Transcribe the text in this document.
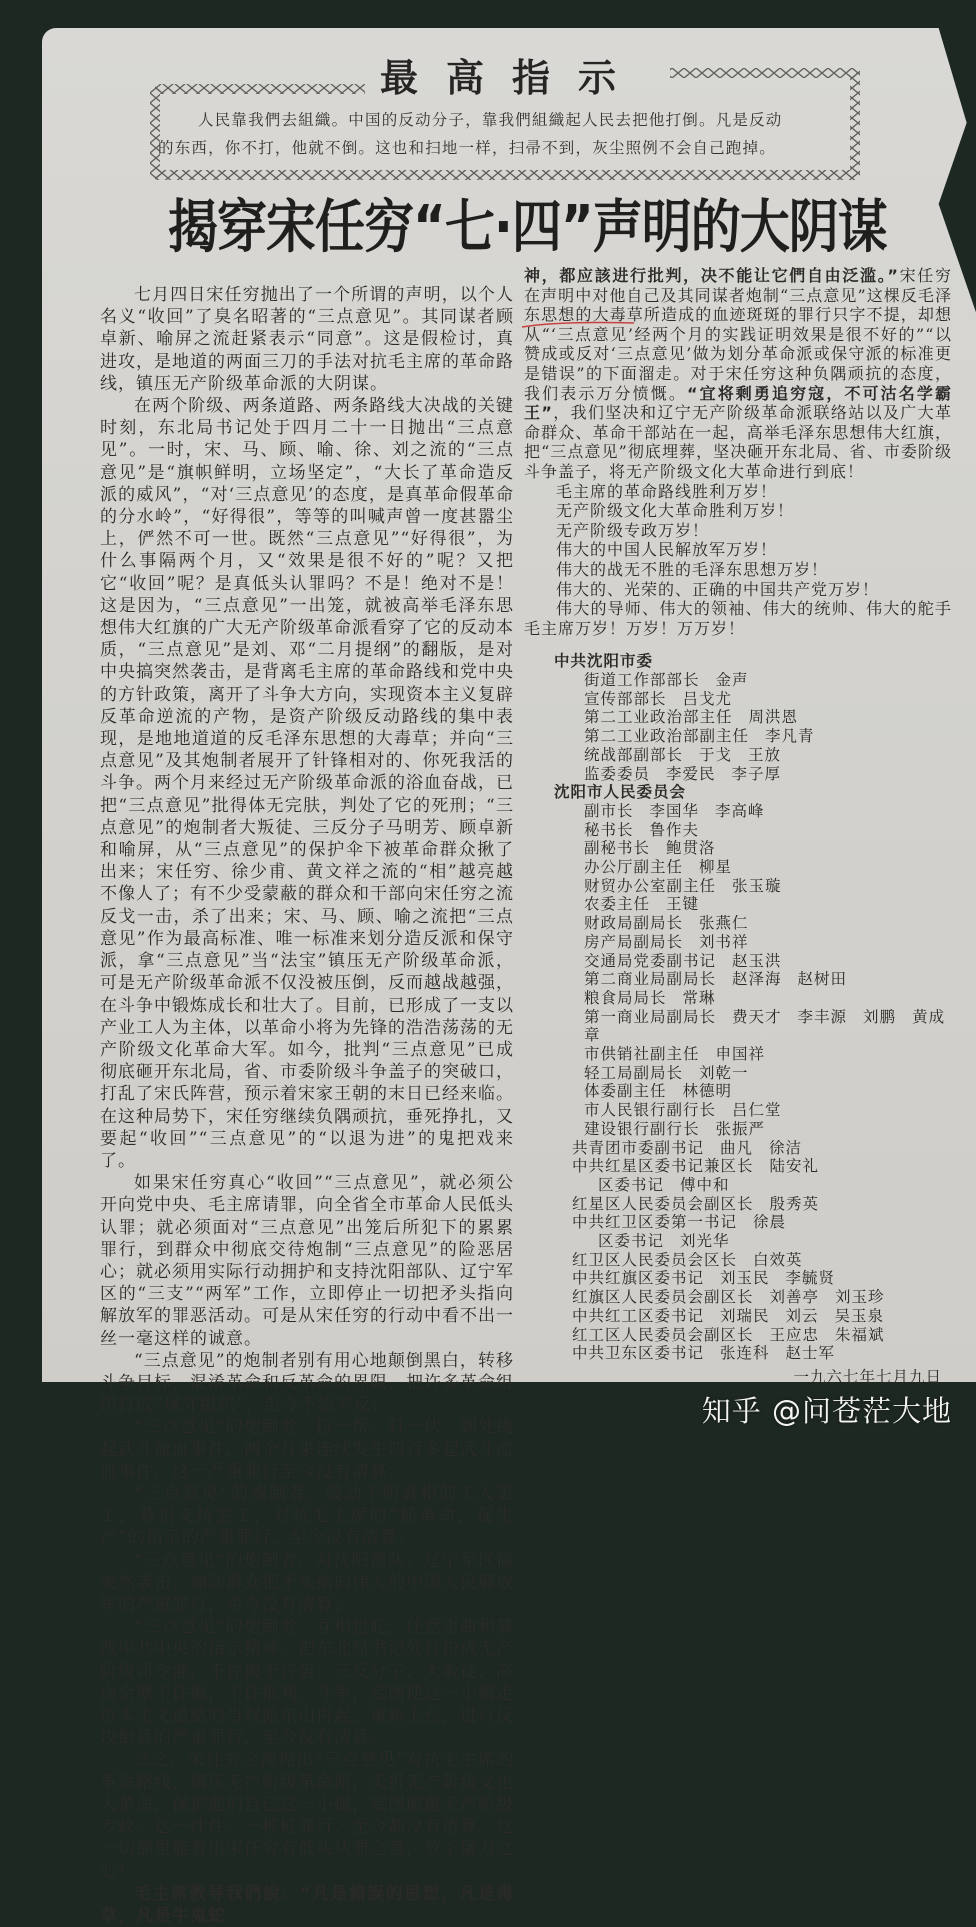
最高指示
人民靠我們去組織。中国的反动分子，靠我們組織起人民去把他打倒。凡是反动
的东西，你不打，他就不倒。这也和扫地一样，扫帚不到，灰尘照例不会自己跑掉。
揭穿宋任穷“七·四”声明的大阴谋

七月四日宋任穷抛出了一个所谓的声明，以个人名义“收回”了臭名昭著的“三点意见”。其同谋者顾卓新、喻屏之流赶紧表示“同意”。这是假检讨，真进攻，是地道的两面三刀的手法对抗毛主席的革命路线，镇压无产阶级革命派的大阴谋。

在两个阶级、两条道路、两条路线大决战的关键时刻，东北局书记处于四月二十一日抛出“三点意见”。一时，宋、马、顾、喻、徐、刘之流的“三点意见”是“旗帜鲜明，立场坚定”，“大长了革命造反派的威风”，“对‘三点意见’的态度，是真革命假革命的分水岭”，“好得很”，等等的叫喊声曾一度甚嚣尘上，俨然不可一世。既然“三点意见”“好得很”，为什么事隔两个月，又“效果是很不好的”呢？又把它“收回”呢？是真低头认罪吗？不是！绝对不是！这是因为，“三点意见”一出笼，就被高举毛泽东思想伟大红旗的广大无产阶级革命派看穿了它的反动本质，“三点意见”是刘、邓“二月提纲”的翻版，是对中央搞突然袭击，是背离毛主席的革命路线和党中央的方针政策，离开了斗争大方向，实现资本主义复辟反革命逆流的产物，是资产阶级反动路线的集中表现，是地地道道的反毛泽东思想的大毒草；并向“三点意见”及其炮制者展开了针锋相对的、你死我活的斗争。两个月来经过无产阶级革命派的浴血奋战，已把“三点意见”批得体无完肤，判处了它的死刑；“三点意见”的炮制者大叛徒、三反分子马明芳、顾卓新和喻屏，从“三点意见”的保护伞下被革命群众揪了出来；宋任穷、徐少甫、黄文祥之流的“相”越亮越不像人了；有不少受蒙蔽的群众和干部向宋任穷之流反戈一击，杀了出来；宋、马、顾、喻之流把“三点意见”作为最高标准、唯一标准来划分造反派和保守派，拿“三点意见”当“法宝”镇压无产阶级革命派，可是无产阶级革命派不仅没被压倒，反而越战越强，在斗争中锻炼成长和壮大了。目前，已形成了一支以产业工人为主体，以革命小将为先锋的浩浩荡荡的无产阶级文化革命大军。如今，批判“三点意见”已成彻底砸开东北局，省、市委阶级斗争盖子的突破口，打乱了宋氏阵营，预示着宋家王朝的末日已经来临。在这种局势下，宋任穷继续负隅顽抗，垂死挣扎，又要起“收回”“三点意见”的“以退为进”的鬼把戏来了。

如果宋任穷真心“收回”“三点意见”，就必须公开向党中央、毛主席请罪，向全省全市革命人民低头认罪；就必须面对“三点意见”出笼后所犯下的累累罪行，到群众中彻底交待炮制“三点意见”的险恶居心；就必须用实际行动拥护和支持沈阳部队、辽宁军区的“三支”“两军”工作，立即停止一切把矛头指向解放军的罪恶活动。可是从宋任穷的行动中看不出一丝一毫这样的诚意。

“三点意见”的炮制者别有用心地颠倒黑白，转移斗争目标，混淆革命和反革命的界限，把许多革命组织打成“保守组织”，至今不给平反；

“三点意见”的炮制者，拉一帮，打一伙，到处挑起武斗流血事件，两个月来连续发生四百多起武斗流血事件，这一严重罪行至今没有清算；

“三点意见”的炮制者，鼓动不明真相的工人罢工，募捐支持罢工，对抗毛主席的“抓革命，促生产”的指示的严重罪行，至今没有清算；

“三点意见”的炮制者，对沈阳部队、辽宁军区搞突然袭击，煽动群众把矛头指向伟大的中国人民解放军的严重罪行，至今没有清算；

“三点意见”的炮制者，互相包庇，任意歪曲和篡改中共中央的指示精神，把东北局书记处打扮成无产阶级司令部，不许揭不许轰；三反分子、大叛徒、高岗余孽不许揪，不许批判、斗争，妄图使这一小撮走资本主义道路的当权派东山再起，重新上台，进行反攻倒算的严重罪行，至今没有清算。

总之，宋任穷之流抛出“三点意见”对抗毛主席的革命路线，镇压无产阶级革命派，夭折无产阶级文化大革命，保护他们自己这一小撮，妄图颠覆无产阶级专政，这一件件、一桩桩罪行，至今都没有清算。这一切那里能看出宋任穷有低头认罪之意，放下屠刀之心！

毛主席教导我們說：“凡是錯誤的思想，凡是毒草，凡是牛鬼蛇

神，都应該进行批判，决不能让它們自由泛滥。”宋任穷在声明中对他自己及其同谋者炮制“三点意见”这棵反毛泽东思想的大毒草所造成的血迹斑斑的罪行只字不提，却想从“‘三点意见’经两个月的实践证明效果是很不好的”“以赞成或反对‘三点意见’做为划分革命派或保守派的标准更是错误”的下面溜走。对于宋任穷这种负隅顽抗的态度，我们表示万分愤慨。“宜将剩勇追穷寇，不可沽名学霸王”，我们坚决和辽宁无产阶级革命派联络站以及广大革命群众、革命干部站在一起，高举毛泽东思想伟大红旗，把“三点意见”彻底埋葬，坚决砸开东北局、省、市委阶级斗争盖子，将无产阶级文化大革命进行到底！

毛主席的革命路线胜利万岁！

无产阶级文化大革命胜利万岁！

无产阶级专政万岁！

伟大的中国人民解放军万岁！

伟大的战无不胜的毛泽东思想万岁！

伟大的、光荣的、正确的中国共产党万岁！

伟大的导师、伟大的领袖、伟大的统帅、伟大的舵手毛主席万岁！万岁！万万岁！

中共沈阳市委
街道工作部部长 金声
宣传部部长 吕戈尤
第二工业政治部主任 周洪恩
第二工业政治部副主任 李凡青
统战部副部长 于戈 王放
监委委员 李爱民 李子厚
沈阳市人民委员会
副市长 李国华 李高峰
秘书长 鲁作夫
副秘书长 鲍贯洛
办公厅副主任 柳星
财贸办公室副主任 张玉璇
农委主任 王键
财政局副局长 张燕仁
房产局副局长 刘书祥
交通局党委副书记 赵玉洪
第二商业局副局长 赵泽海 赵树田
粮食局局长 常琳
第一商业局副局长 费天才 李丰源 刘鹏 黄成章
市供销社副主任 申国祥
轻工局副局长 刘乾一
体委副主任 林德明
市人民银行副行长 吕仁堂
建设银行副行长 张振严
共青团市委副书记 曲凡 徐洁
中共红星区委书记兼区长 陆安礼
区委书记 傅中和
红星区人民委员会副区长 殷秀英
中共红卫区委第一书记 徐晨
区委书记 刘光华
红卫区人民委员会区长 白效英
中共红旗区委书记 刘玉民 李毓贤
红旗区人民委员会副区长 刘善亭 刘玉珍
中共红工区委书记 刘瑞民 刘云 吴玉泉
红工区人民委员会副区长 王应忠 朱福斌
中共卫东区委书记 张连科 赵士军
一九六七年七月九日
知乎 @问苍茫大地
